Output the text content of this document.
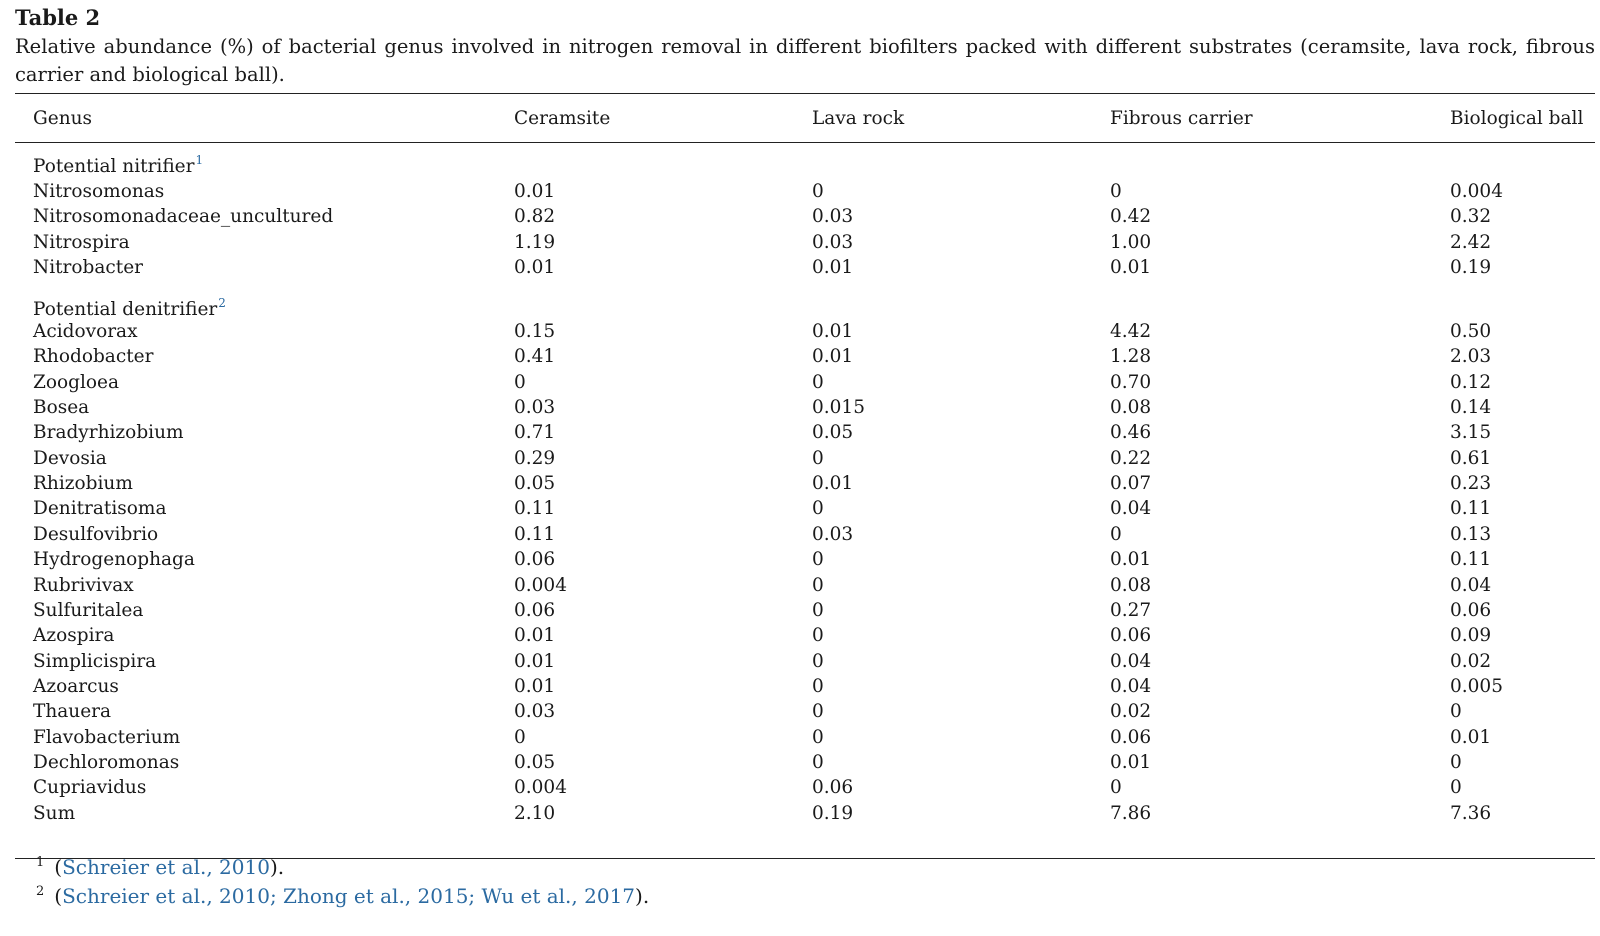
Table 2
Relative abundance (%) of bacterial genus involved in nitrogen removal in different biofilters packed with different substrates (ceramsite, lava rock, fibrous carrier and biological ball).
Genus	Ceramsite	Lava rock	Fibrous carrier	Biological ball
Potential nitrifier$^1$
Nitrosomonas	0.01	0	0	0.004
Nitrosomonadaceae_uncultured	0.82	0.03	0.42	0.32
Nitrospira	1.19	0.03	1.00	2.42
Nitrobacter	0.01	0.01	0.01	0.19
Potential denitrifier$^2$
Acidovorax	0.15	0.01	4.42	0.50
Rhodobacter	0.41	0.01	1.28	2.03
Zoogloea	0	0	0.70	0.12
Bosea	0.03	0.015	0.08	0.14
Bradyrhizobium	0.71	0.05	0.46	3.15
Devosia	0.29	0	0.22	0.61
Rhizobium	0.05	0.01	0.07	0.23
Denitratisoma	0.11	0	0.04	0.11
Desulfovibrio	0.11	0.03	0	0.13
Hydrogenophaga	0.06	0	0.01	0.11
Rubrivivax	0.004	0	0.08	0.04
Sulfuritalea	0.06	0	0.27	0.06
Azospira	0.01	0	0.06	0.09
Simplicispira	0.01	0	0.04	0.02
Azoarcus	0.01	0	0.04	0.005
Thauera	0.03	0	0.02	0
Flavobacterium	0	0	0.06	0.01
Dechloromonas	0.05	0	0.01	0
Cupriavidus	0.004	0.06	0	0
Sum	2.10	0.19	7.86	7.36
$^1$ (Schreier et al., 2010).
$^2$ (Schreier et al., 2010; Zhong et al., 2015; Wu et al., 2017).
